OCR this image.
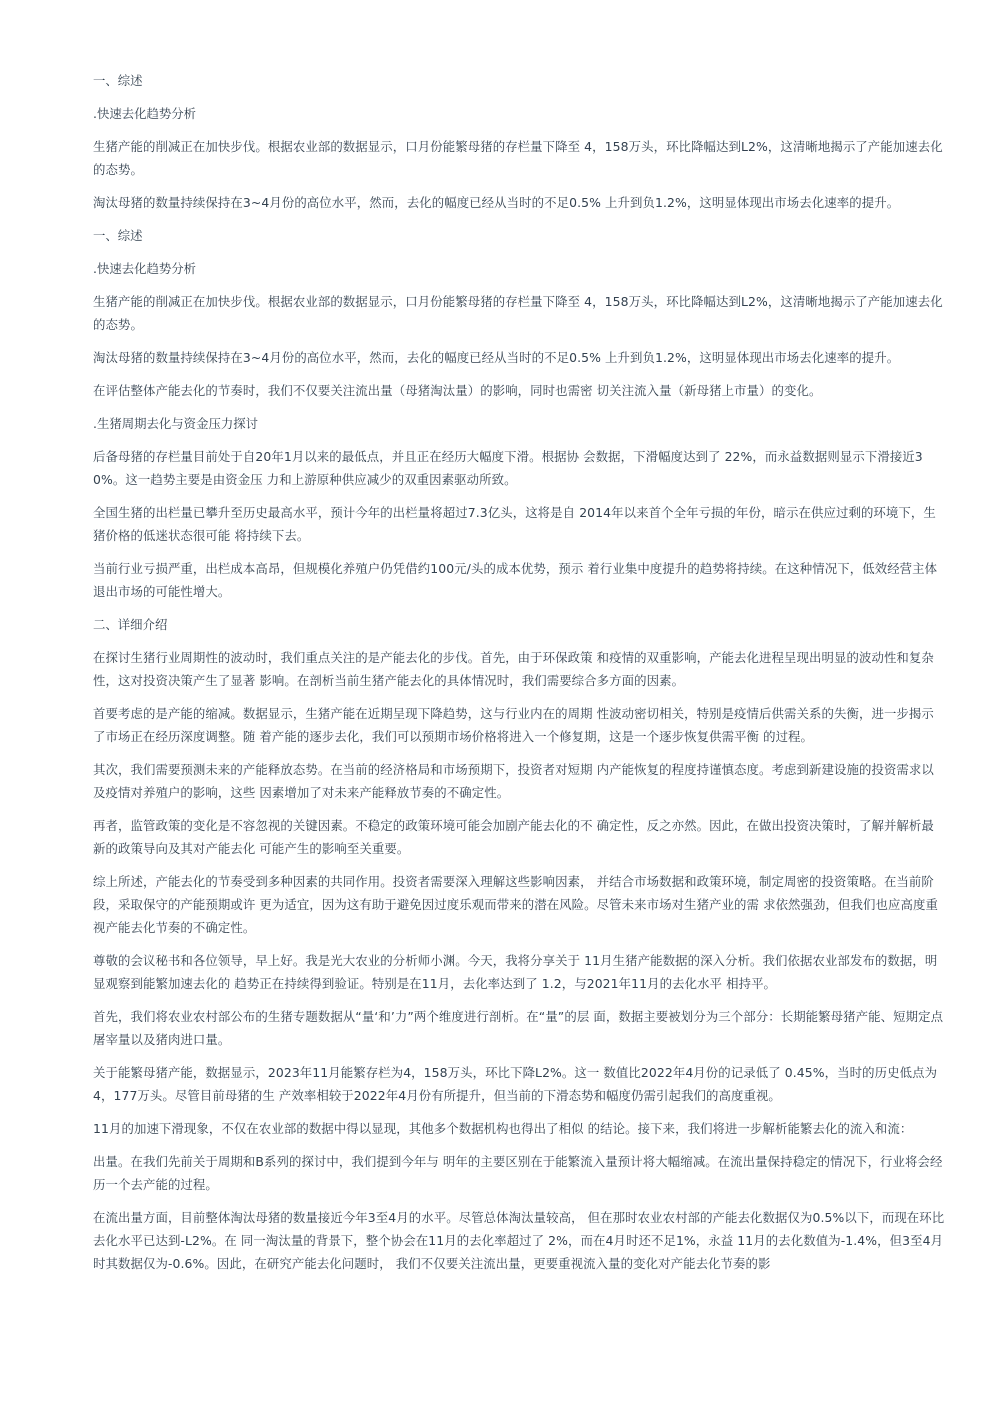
一、综述
.快速去化趋势分析
生猪产能的削减正在加快步伐。根据农业部的数据显示，口月份能繁母猪的存栏量下降至 4，158万头，环比降幅达到L2%，这清晰地揭示了产能加速去化的态势。
淘汰母猪的数量持续保持在3~4月份的高位水平，然而，去化的幅度已经从当时的不足0.5% 上升到负1.2%，这明显体现出市场去化速率的提升。
一、综述
.快速去化趋势分析
生猪产能的削减正在加快步伐。根据农业部的数据显示，口月份能繁母猪的存栏量下降至 4，158万头，环比降幅达到L2%，这清晰地揭示了产能加速去化的态势。
淘汰母猪的数量持续保持在3~4月份的高位水平，然而，去化的幅度已经从当时的不足0.5% 上升到负1.2%，这明显体现出市场去化速率的提升。
在评估整体产能去化的节奏时，我们不仅要关注流出量（母猪淘汰量）的影响，同时也需密 切关注流入量（新母猪上市量）的变化。
.生猪周期去化与资金压力探讨
后备母猪的存栏量目前处于自20年1月以来的最低点，并且正在经历大幅度下滑。根据协 会数据，下滑幅度达到了 22%，而永益数据则显示下滑接近30%。这一趋势主要是由资金压 力和上游原种供应减少的双重因素驱动所致。
全国生猪的出栏量已攀升至历史最高水平，预计今年的出栏量将超过7.3亿头，这将是自 2014年以来首个全年亏损的年份，暗示在供应过剩的环境下，生猪价格的低迷状态很可能 将持续下去。
当前行业亏损严重，出栏成本高昂，但规模化养殖户仍凭借约100元/头的成本优势，预示 着行业集中度提升的趋势将持续。在这种情况下，低效经营主体退出市场的可能性增大。
二、详细介绍
在探讨生猪行业周期性的波动时，我们重点关注的是产能去化的步伐。首先，由于环保政策 和疫情的双重影响，产能去化进程呈现出明显的波动性和复杂性，这对投资决策产生了显著 影响。在剖析当前生猪产能去化的具体情况时，我们需要综合多方面的因素。
首要考虑的是产能的缩减。数据显示，生猪产能在近期呈现下降趋势，这与行业内在的周期 性波动密切相关，特别是疫情后供需关系的失衡，进一步揭示了市场正在经历深度调整。随 着产能的逐步去化，我们可以预期市场价格将进入一个修复期，这是一个逐步恢复供需平衡 的过程。
其次，我们需要预测未来的产能释放态势。在当前的经济格局和市场预期下，投资者对短期 内产能恢复的程度持谨慎态度。考虑到新建设施的投资需求以及疫情对养殖户的影响，这些 因素增加了对未来产能释放节奏的不确定性。
再者，监管政策的变化是不容忽视的关键因素。不稳定的政策环境可能会加剧产能去化的不 确定性，反之亦然。因此，在做出投资决策时，了解并解析最新的政策导向及其对产能去化 可能产生的影响至关重要。
综上所述，产能去化的节奏受到多种因素的共同作用。投资者需要深入理解这些影响因素， 并结合市场数据和政策环境，制定周密的投资策略。在当前阶段，采取保守的产能预期或许 更为适宜，因为这有助于避免因过度乐观而带来的潜在风险。尽管未来市场对生猪产业的需 求依然强劲，但我们也应高度重视产能去化节奏的不确定性。
尊敬的会议秘书和各位领导，早上好。我是光大农业的分析师小渊。今天，我将分享关于 11月生猪产能数据的深入分析。我们依据农业部发布的数据，明显观察到能繁加速去化的 趋势正在持续得到验证。特别是在11月，去化率达到了 1.2，与2021年11月的去化水平 相持平。
首先，我们将农业农村部公布的生猪专题数据从“量‘和’力”两个维度进行剖析。在“量”的层 面，数据主要被划分为三个部分：长期能繁母猪产能、短期定点屠宰量以及猪肉进口量。
关于能繁母猪产能，数据显示，2023年11月能繁存栏为4，158万头，环比下降L2%。这一 数值比2022年4月份的记录低了 0.45%，当时的历史低点为4，177万头。尽管目前母猪的生 产效率相较于2022年4月份有所提升，但当前的下滑态势和幅度仍需引起我们的高度重视。
11月的加速下滑现象，不仅在农业部的数据中得以显现，其他多个数据机构也得出了相似 的结论。接下来，我们将进一步解析能繁去化的流入和流：
出量。在我们先前关于周期和B系列的探讨中，我们提到今年与 明年的主要区别在于能繁流入量预计将大幅缩减。在流出量保持稳定的情况下，行业将会经 历一个去产能的过程。
在流出量方面，目前整体淘汰母猪的数量接近今年3至4月的水平。尽管总体淘汰量较高， 但在那时农业农村部的产能去化数据仅为0.5%以下，而现在环比去化水平已达到-L2%。在 同一淘汰量的背景下，整个协会在11月的去化率超过了 2%，而在4月时还不足1%，永益 11月的去化数值为-1.4%，但3至4月时其数据仅为-0.6%。因此，在研究产能去化问题时， 我们不仅要关注流出量，更要重视流入量的变化对产能去化节奏的影
